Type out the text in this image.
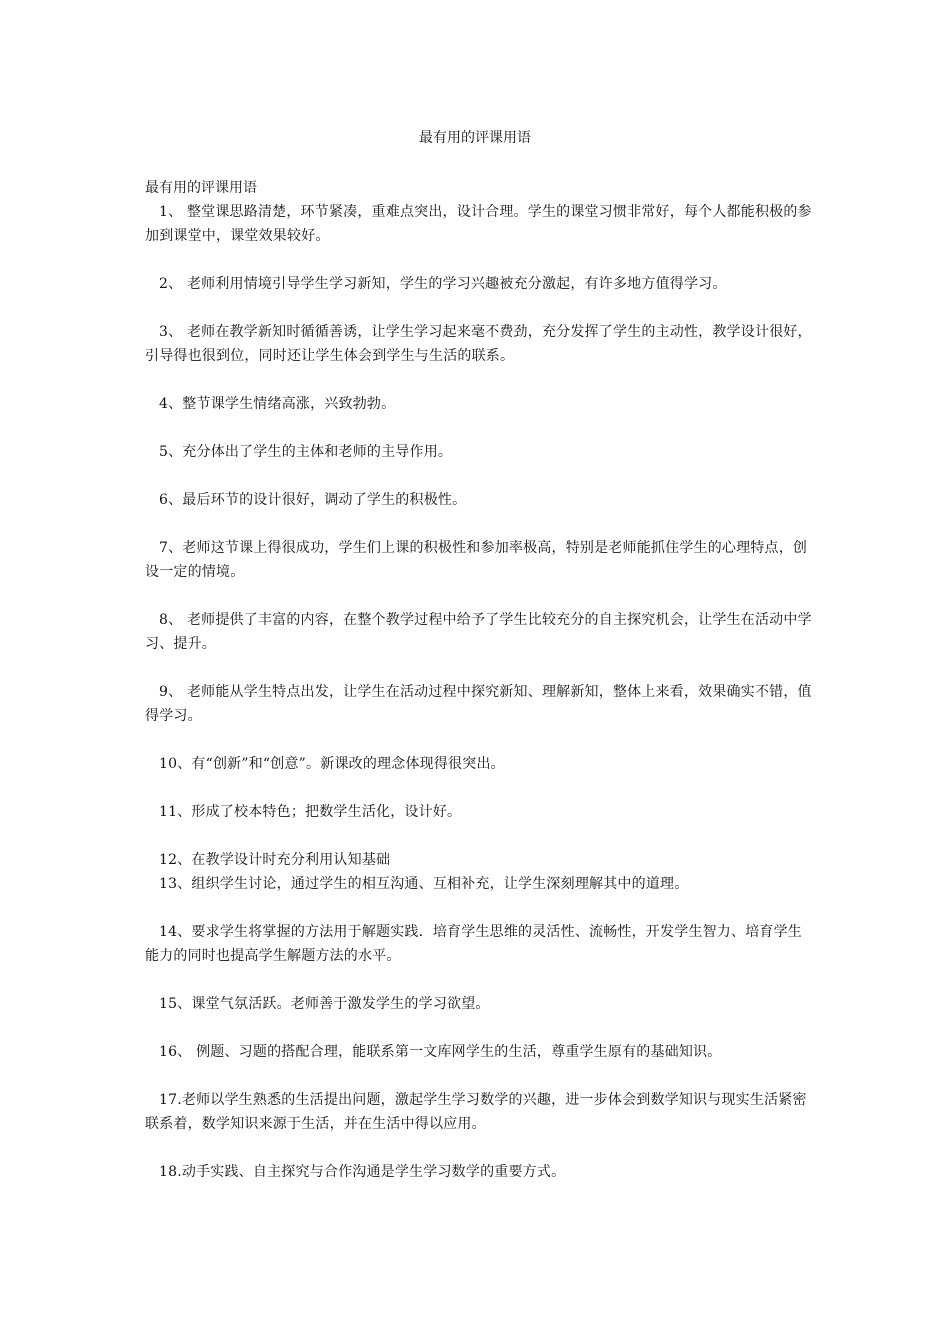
最有用的评课用语

最有用的评课用语

1、 整堂课思路清楚，环节紧凑，重难点突出，设计合理。学生的课堂习惯非常好，每个人都能积极的参加到课堂中，课堂效果较好。

2、 老师利用情境引导学生学习新知，学生的学习兴趣被充分激起，有许多地方值得学习。

3、 老师在教学新知时循循善诱，让学生学习起来毫不费劲，充分发挥了学生的主动性，教学设计很好，引导得也很到位，同时还让学生体会到学生与生活的联系。

4、整节课学生情绪高涨，兴致勃勃。

5、充分体出了学生的主体和老师的主导作用。

6、最后环节的设计很好，调动了学生的积极性。

7、老师这节课上得很成功，学生们上课的积极性和参加率极高，特别是老师能抓住学生的心理特点，创设一定的情境。

8、 老师提供了丰富的内容，在整个教学过程中给予了学生比较充分的自主探究机会，让学生在活动中学习、提升。

9、 老师能从学生特点出发，让学生在活动过程中探究新知、理解新知，整体上来看，效果确实不错，值得学习。

10、有“创新”和“创意”。新课改的理念体现得很突出。

11、形成了校本特色；把数学生活化，设计好。

12、在教学设计时充分利用认知基础

13、组织学生讨论，通过学生的相互沟通、互相补充，让学生深刻理解其中的道理。

14、要求学生将掌握的方法用于解题实践．培育学生思维的灵活性、流畅性，开发学生智力、培育学生能力的同时也提高学生解题方法的水平。

15、课堂气氛活跃。老师善于激发学生的学习欲望。

16、 例题、习题的搭配合理，能联系第一文库网学生的生活，尊重学生原有的基础知识。

17.老师以学生熟悉的生活提出问题，激起学生学习数学的兴趣，进一步体会到数学知识与现实生活紧密联系着，数学知识来源于生活，并在生活中得以应用。

18.动手实践、自主探究与合作沟通是学生学习数学的重要方式。
